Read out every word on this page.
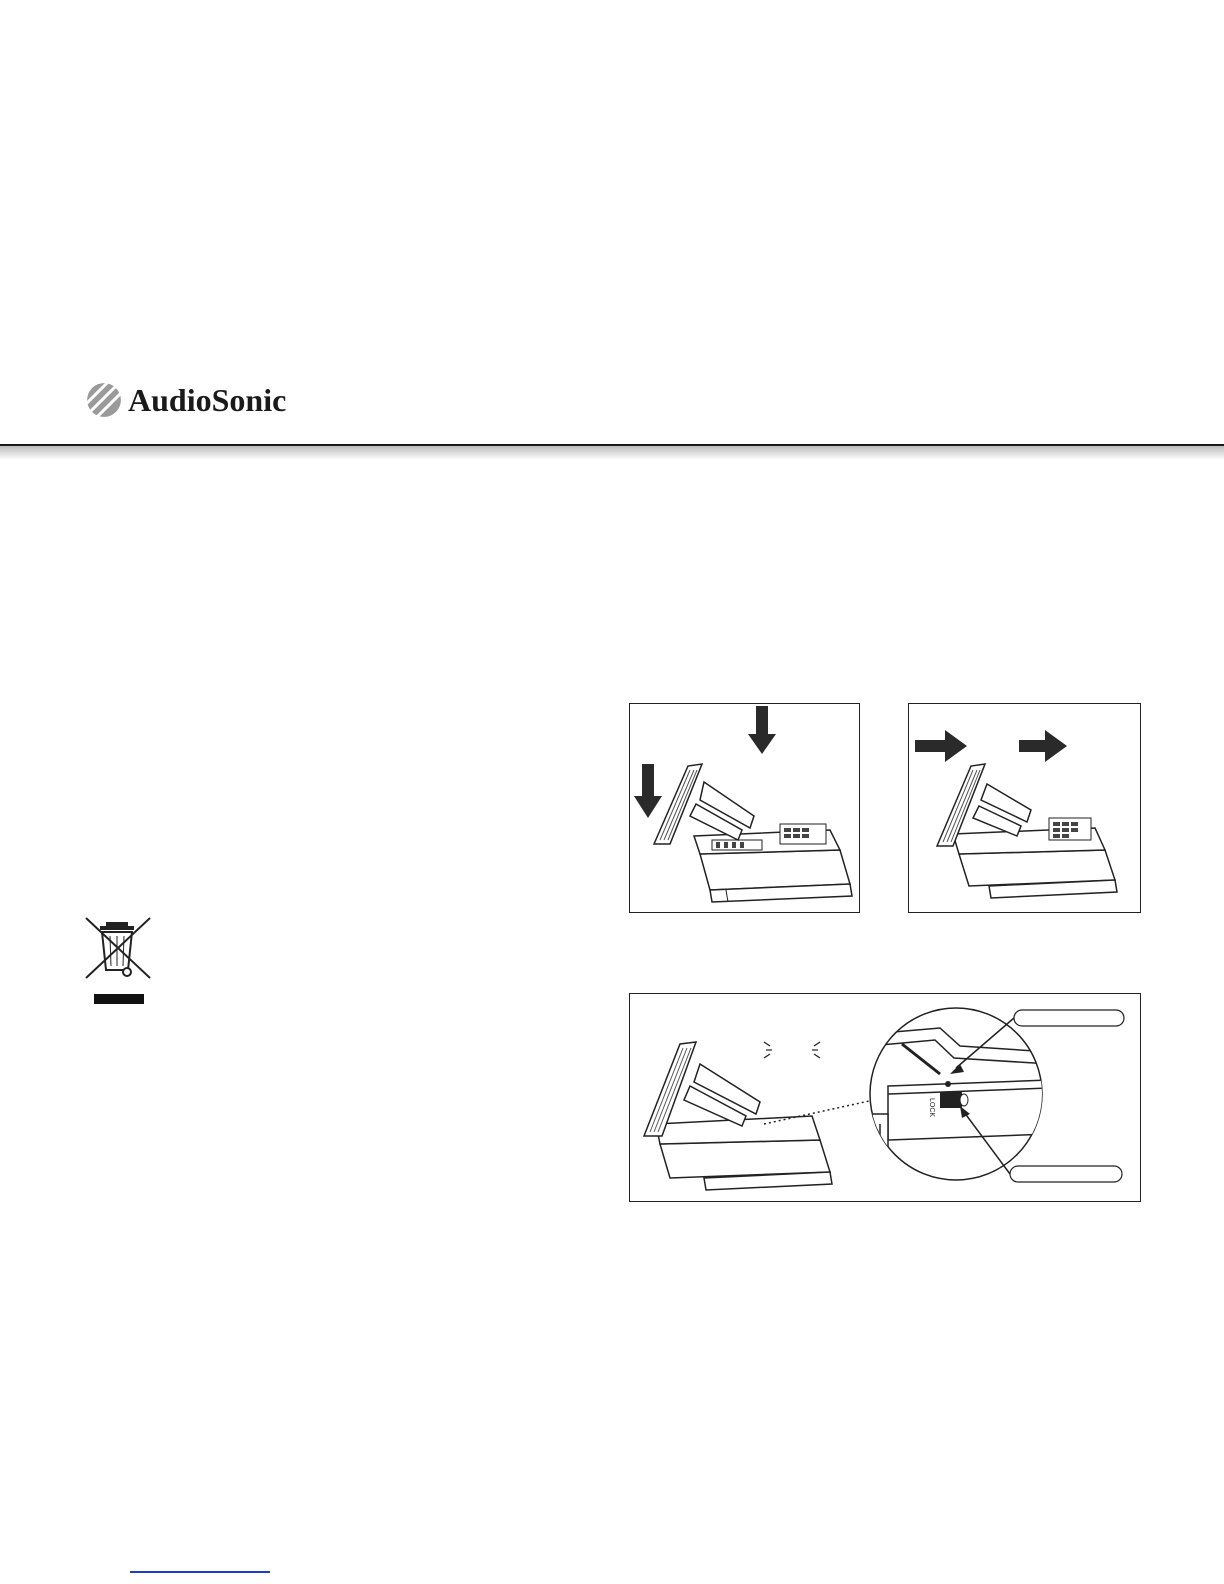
AudioSonic
LOCK
